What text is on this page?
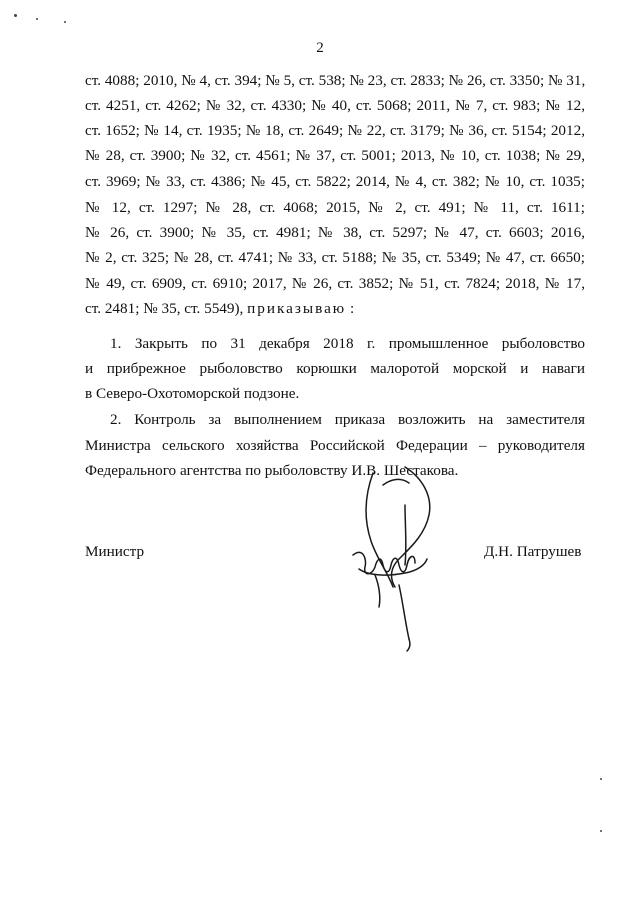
2
ст. 4088; 2010, № 4, ст. 394; № 5, ст. 538; № 23, ст. 2833; № 26, ст. 3350; № 31,
ст. 4251, ст. 4262; № 32, ст. 4330; № 40, ст. 5068; 2011, № 7, ст. 983; № 12,
ст. 1652; № 14, ст. 1935; № 18, ст. 2649; № 22, ст. 3179; № 36, ст. 5154; 2012,
№ 28, ст. 3900; № 32, ст. 4561; № 37, ст. 5001; 2013, № 10, ст. 1038; № 29,
ст. 3969; № 33, ст. 4386; № 45, ст. 5822; 2014, № 4, ст. 382; № 10, ст. 1035;
№ 12, ст. 1297; № 28, ст. 4068; 2015, № 2, ст. 491; № 11, ст. 1611;
№ 26, ст. 3900; № 35, ст. 4981; № 38, ст. 5297; № 47, ст. 6603; 2016,
№ 2, ст. 325; № 28, ст. 4741; № 33, ст. 5188; № 35, ст. 5349; № 47, ст. 6650;
№ 49, ст. 6909, ст. 6910; 2017, № 26, ст. 3852; № 51, ст. 7824; 2018, № 17,
ст. 2481; № 35, ст. 5549), приказываю :
1. Закрыть по 31 декабря 2018 г. промышленное рыболовство
и прибрежное рыболовство корюшки малоротой морской и наваги
в Северо-Охотоморской подзоне.
2. Контроль за выполнением приказа возложить на заместителя
Министра сельского хозяйства Российской Федерации – руководителя
Федерального агентства по рыболовству И.В. Шестакова.
Министр	Д.Н. Патрушев
